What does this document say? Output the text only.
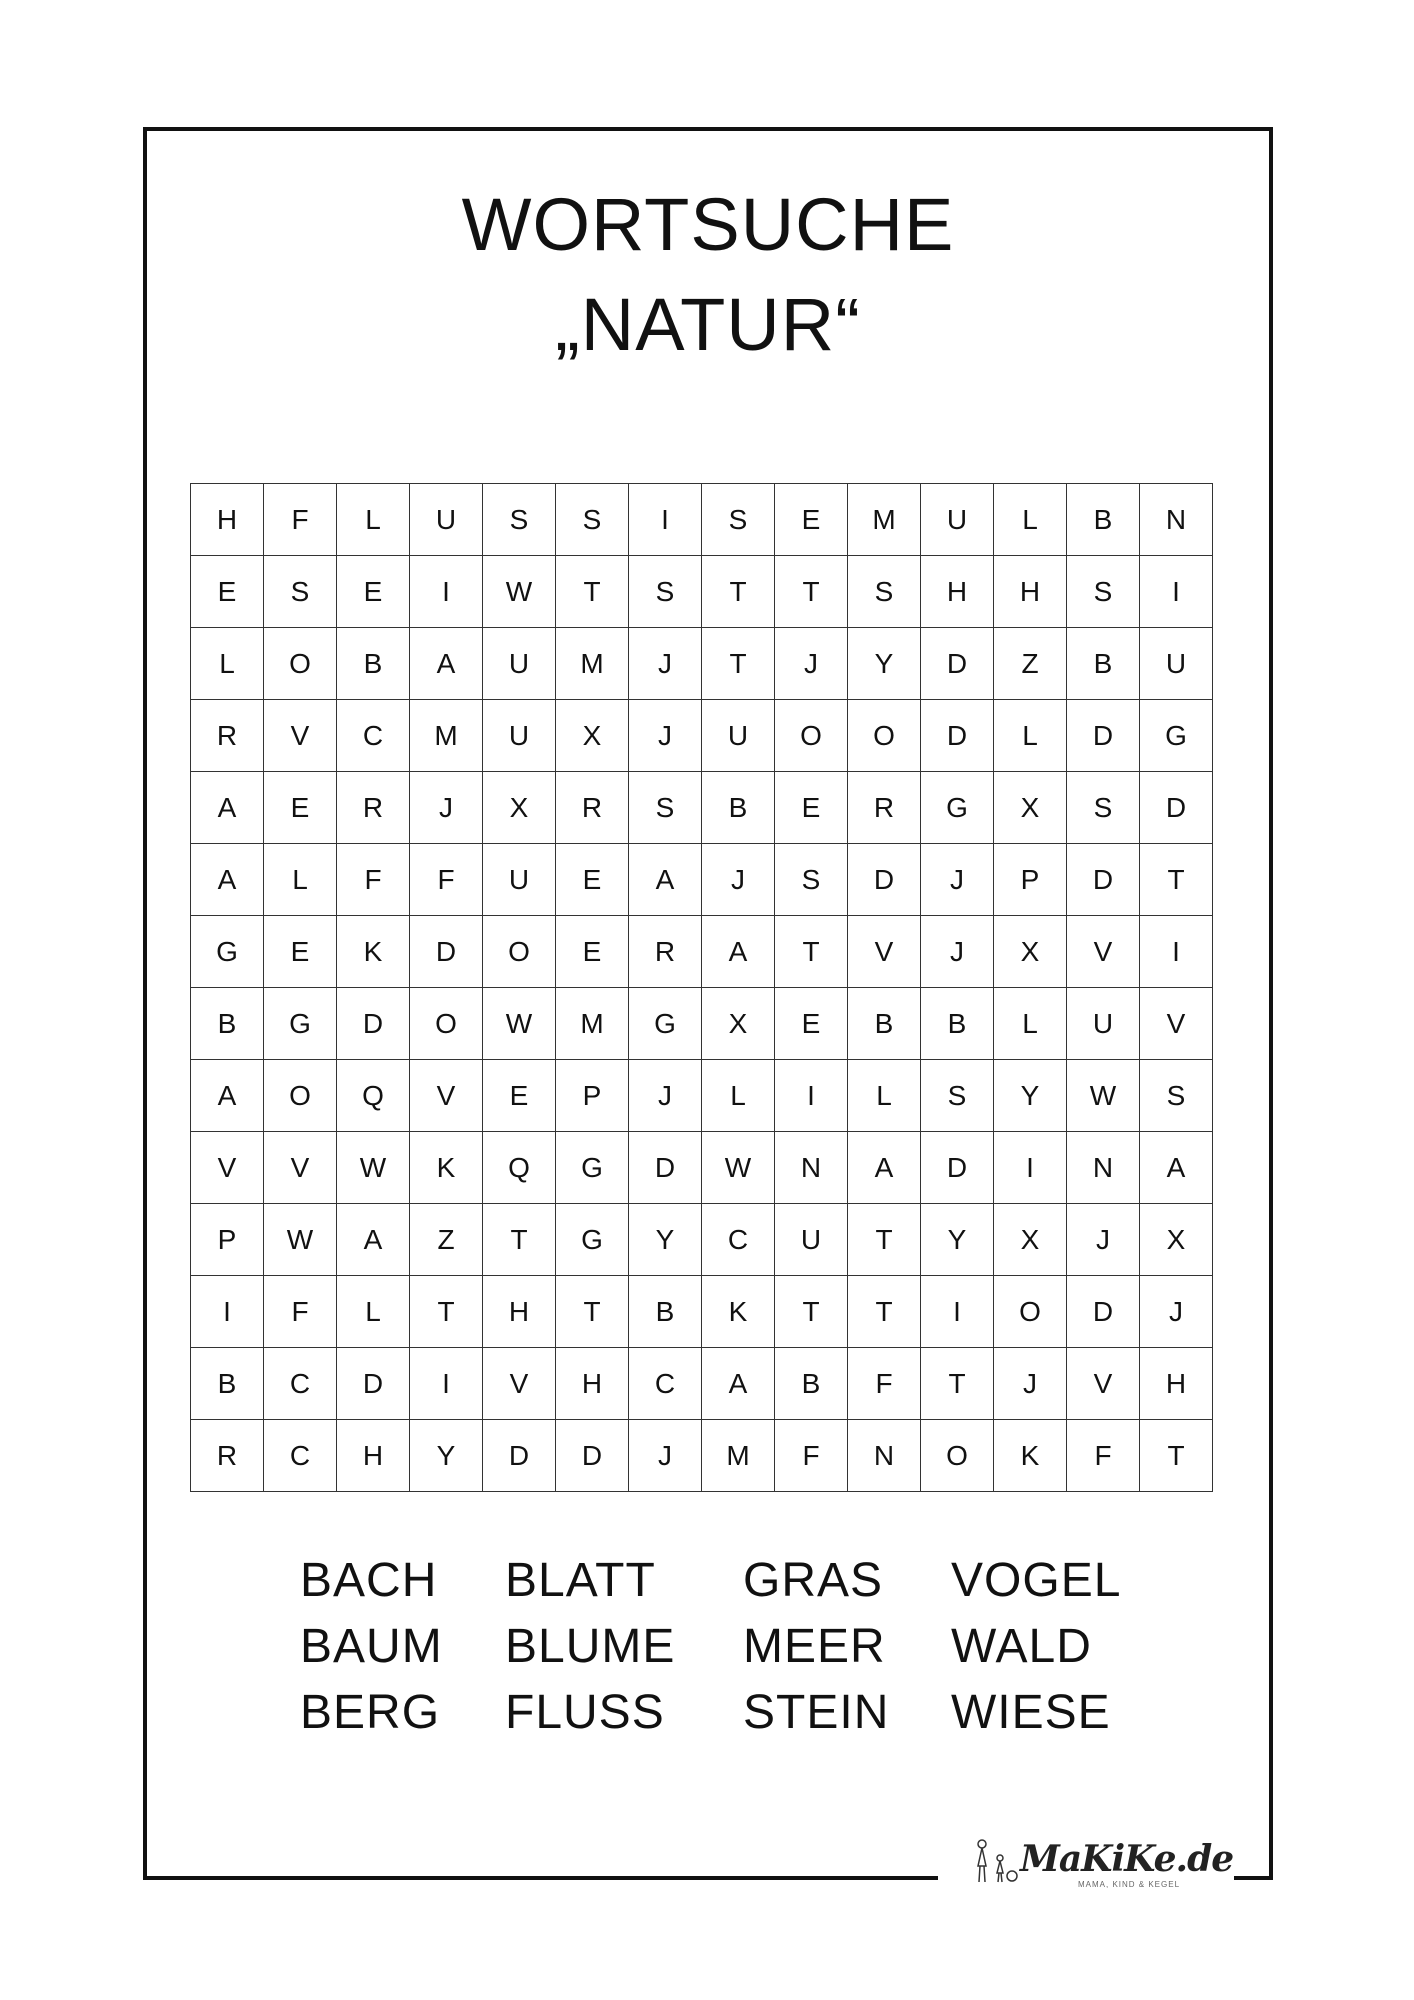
WORTSUCHE
„NATUR“
H	F	L	U	S	S	I	S	E	M	U	L	B	N
E	S	E	I	W	T	S	T	T	S	H	H	S	I
L	O	B	A	U	M	J	T	J	Y	D	Z	B	U
R	V	C	M	U	X	J	U	O	O	D	L	D	G
A	E	R	J	X	R	S	B	E	R	G	X	S	D
A	L	F	F	U	E	A	J	S	D	J	P	D	T
G	E	K	D	O	E	R	A	T	V	J	X	V	I
B	G	D	O	W	M	G	X	E	B	B	L	U	V
A	O	Q	V	E	P	J	L	I	L	S	Y	W	S
V	V	W	K	Q	G	D	W	N	A	D	I	N	A
P	W	A	Z	T	G	Y	C	U	T	Y	X	J	X
I	F	L	T	H	T	B	K	T	T	I	O	D	J
B	C	D	I	V	H	C	A	B	F	T	J	V	H
R	C	H	Y	D	D	J	M	F	N	O	K	F	T
BACH
BAUM
BERG
BLATT
BLUME
FLUSS
GRAS
MEER
STEIN
VOGEL
WALD
WIESE
MaKiKe.de
MAMA, KIND & KEGEL
